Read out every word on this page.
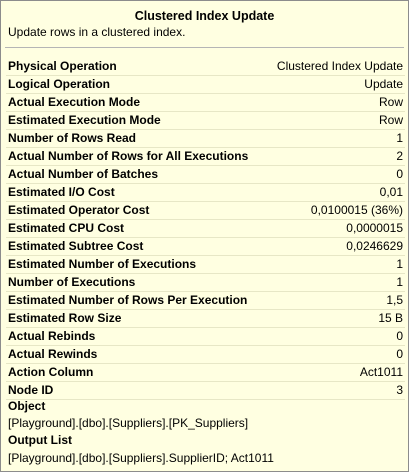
Clustered Index Update
Update rows in a clustered index.
Physical Operation	Clustered Index Update
Logical Operation	Update
Actual Execution Mode	Row
Estimated Execution Mode	Row
Number of Rows Read	1
Actual Number of Rows for All Executions	2
Actual Number of Batches	0
Estimated I/O Cost	0,01
Estimated Operator Cost	0,0100015 (36%)
Estimated CPU Cost	0,0000015
Estimated Subtree Cost	0,0246629
Estimated Number of Executions	1
Number of Executions	1
Estimated Number of Rows Per Execution	1,5
Estimated Row Size	15 B
Actual Rebinds	0
Actual Rewinds	0
Action Column	Act1011
Node ID	3
Object
[Playground].[dbo].[Suppliers].[PK_Suppliers]
Output List
[Playground].[dbo].[Suppliers].SupplierID; Act1011
